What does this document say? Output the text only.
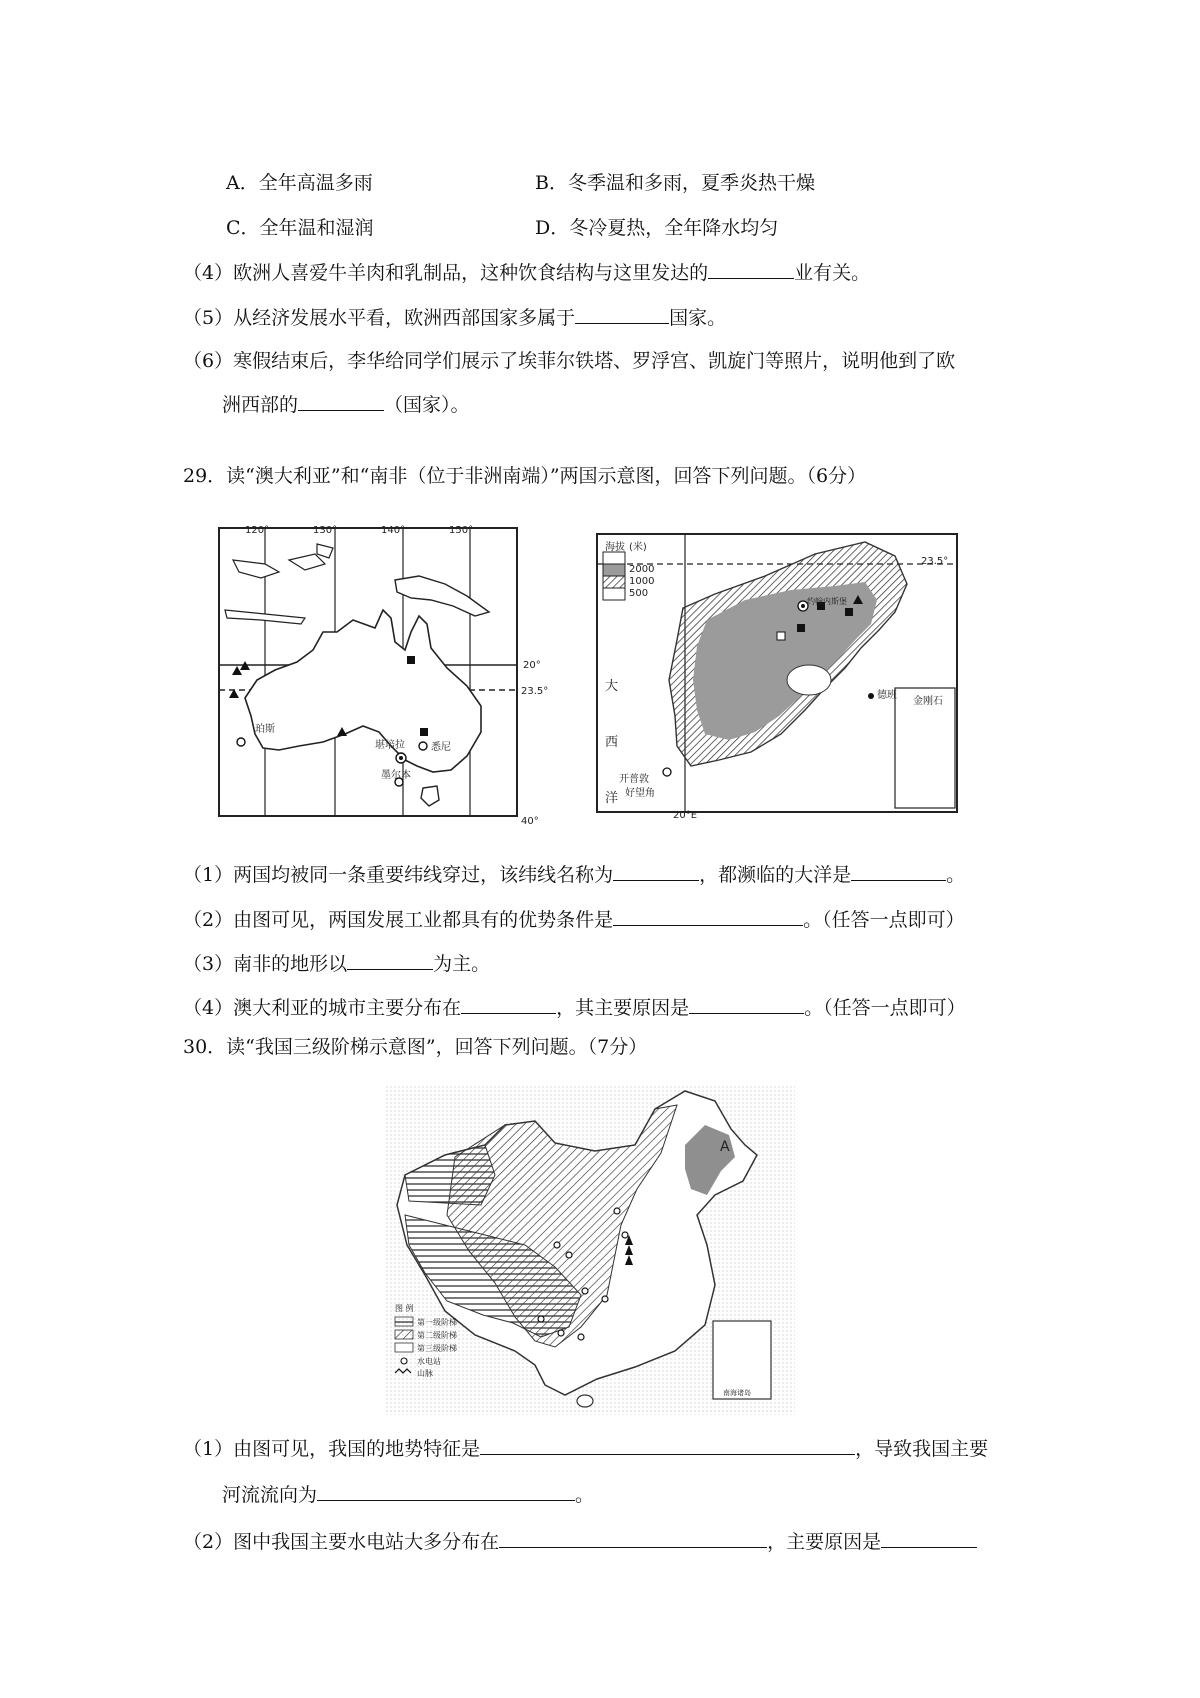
A．全年高温多雨	B．冬季温和多雨，夏季炎热干燥
C．全年温和湿润	D．冬冷夏热，全年降水均匀
（4）欧洲人喜爱牛羊肉和乳制品，这种饮食结构与这里发达的	业有关。
（5）从经济发展水平看，欧洲西部国家多属于	国家。
（6）寒假结束后，李华给同学们展示了埃菲尔铁塔、罗浮宫、凯旋门等照片，说明他到了欧
洲西部的	（国家）。
29．读“澳大利亚”和“南非（位于非洲南端）”两国示意图，回答下列问题。（6分）
120°	130°	140°	150°
20°
23.5°
40°
珀斯
堪培拉	悉尼
墨尔本
海拔 (米)
2000
1000
500
23.5°
大
西
洋
开普敦
好望角
20°E
约翰内斯堡
德班
金刚石
（1）两国均被同一条重要纬线穿过，该纬线名称为	，都濒临的大洋是	。
（2）由图可见，两国发展工业都具有的优势条件是	。（任答一点即可）
（3）南非的地形以	为主。
（4）澳大利亚的城市主要分布在	，其主要原因是	。（任答一点即可）
30．读“我国三级阶梯示意图”，回答下列问题。（7分）
图 例
第一级阶梯
第二级阶梯
第三级阶梯
水电站
山脉
南海诸岛
A
（1）由图可见，我国的地势特征是	，导致我国主要
河流流向为	。
（2）图中我国主要水电站大多分布在	，主要原因是
